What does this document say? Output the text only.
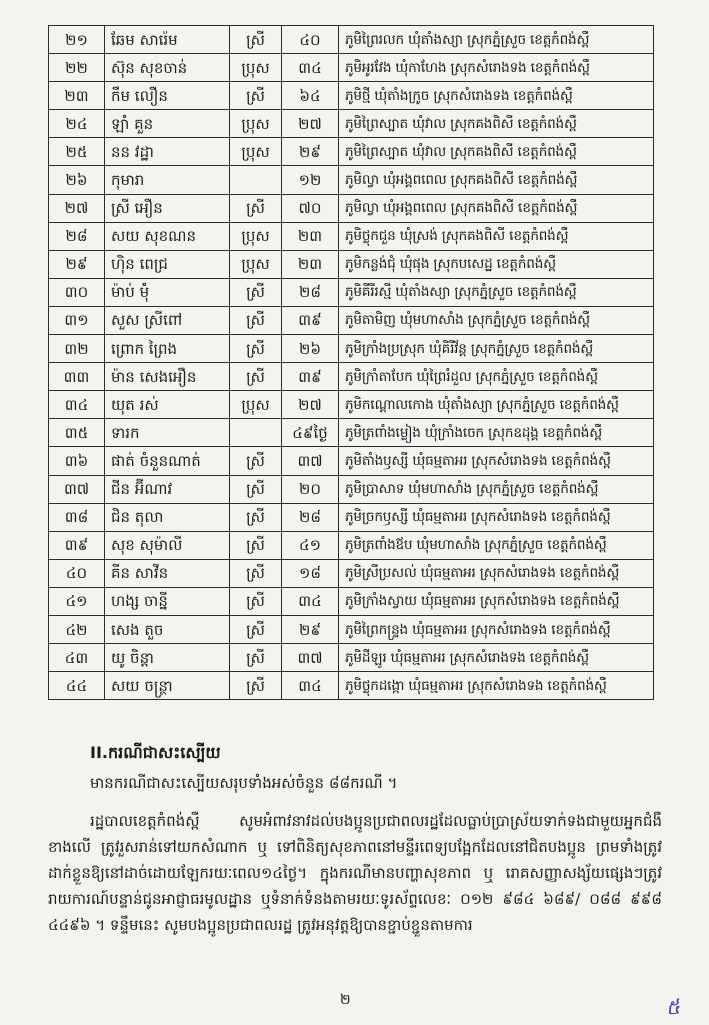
២១	ឆែម សារ៉េម	ស្រី	៤០	ភូមិព្រៃរលក ឃុំតាំងស្យា ស្រុកភ្នំស្រួច ខេត្តកំពង់ស្ពឺ
២២	ស៊ុន សុខចាន់	ប្រុស	៣៤	ភូមិអូរវែង ឃុំកាហែង ស្រុកសំរោងទង ខេត្តកំពង់ស្ពឺ
២៣	កឹម លឿន	ស្រី	៦៤	ភូមិថ្មី ឃុំតាំងក្រូច ស្រុកសំរោងទង ខេត្តកំពង់ស្ពឺ
២៤	ឡាំ គួន	ប្រុស	២៧	ភូមិព្រៃស្បាត ឃុំវាល ស្រុកគងពិសី ខេត្តកំពង់ស្ពឺ
២៥	នន វដ្ឋា	ប្រុស	២៩	ភូមិព្រៃស្បាត ឃុំវាល ស្រុកគងពិសី ខេត្តកំពង់ស្ពឺ
២៦	កុមារា		១២	ភូមិល្វា ឃុំអង្គពពេល ស្រុកគងពិសី ខេត្តកំពង់ស្ពឺ
២៧	ស្រី អឿន	ស្រី	៧០	ភូមិល្វា ឃុំអង្គពពេល ស្រុកគងពិសី ខេត្តកំពង់ស្ពឺ
២៨	សយ សុខណន	ប្រុស	២៣	ភូមិថ្លុកជួន ឃុំស្រង់ ស្រុកគងពិសី ខេត្តកំពង់ស្ពឺ
២៩	ហ៊ិន ពេជ្រ	ប្រុស	២៣	ភូមិកន្លង់ជុំ ឃុំផុង ស្រុកបសេដ្ឋ ខេត្តកំពង់ស្ពឺ
៣០	ម៉ាប់ ម៉ុំ	ស្រី	២៨	ភូមិគីរីរស្មី ឃុំតាំងស្យា ស្រុកភ្នំស្រួច ខេត្តកំពង់ស្ពឺ
៣១	សួស ស្រីពៅ	ស្រី	៣៩	ភូមិតាមិញ ឃុំមហាសាំង ស្រុកភ្នំស្រួច ខេត្តកំពង់ស្ពឺ
៣២	ព្រោក ព្រៃង	ស្រី	២៦	ភូមិក្រាំងប្រស្រុក ឃុំគិរីវ័ន្ត ស្រុកភ្នំស្រួច ខេត្តកំពង់ស្ពឺ
៣៣	ម៉ាន សេងអឿន	ស្រី	៣៩	ភូមិក្រាំតាបែក ឃុំព្រៃរំដួល ស្រុកភ្នំស្រួច ខេត្តកំពង់ស្ពឺ
៣៤	យុត រស់	ប្រុស	២៧	ភូមិកណ្ដោលកោង ឃុំតាំងស្យា ស្រុកភ្នំស្រួច ខេត្តកំពង់ស្ពឺ
៣៥	ទារក		៤៩ថ្ងៃ	ភូមិត្រពាំងម្លៀង ឃុំក្រាំងចេក ស្រុកឧដុង្គ ខេត្តកំពង់ស្ពឺ
៣៦	ផាត់ ចំនួនណាត់	ស្រី	៣៧	ភូមិតាំងឫស្សី ឃុំធម្មតាអរ ស្រុកសំរោងទង ខេត្តកំពង់ស្ពឺ
៣៧	ជីន អ៊ីណាវ	ស្រី	២០	ភូមិប្រាសាទ ឃុំមហាសាំង ស្រុកភ្នំស្រួច ខេត្តកំពង់ស្ពឺ
៣៨	ជិន តុលា	ស្រី	២៨	ភូមិច្រកឫស្សី ឃុំធម្មតាអរ ស្រុកសំរោងទង ខេត្តកំពង់ស្ពឺ
៣៩	សុខ សុម៉ាលី	ស្រី	៤១	ភូមិត្រពាំងឪប ឃុំមហាសាំង ស្រុកភ្នំស្រួច ខេត្តកំពង់ស្ពឺ
៤០	គីន សាវីន	ស្រី	១៨	ភូមិស្រីប្រសល់ ឃុំធម្មតាអរ ស្រុកសំរោងទង ខេត្តកំពង់ស្ពឺ
៤១	ហង្ស ចាន្នី	ស្រី	៣៤	ភូមិក្រាំងស្វាយ ឃុំធម្មតាអរ ស្រុកសំរោងទង ខេត្តកំពង់ស្ពឺ
៤២	សេង តួច	ស្រី	២៩	ភូមិព្រៃកន្ទ្រង ឃុំធម្មតាអរ ស្រុកសំរោងទង ខេត្តកំពង់ស្ពឺ
៤៣	យូ ចិន្តា	ស្រី	៣៧	ភូមិដីឡូរ ឃុំធម្មតាអរ ស្រុកសំរោងទង ខេត្តកំពង់ស្ពឺ
៤៤	សយ ចន្ថ្រា	ស្រី	៣៤	ភូមិថ្លុកដង្កោ ឃុំធម្មតាអរ ស្រុកសំរោងទង ខេត្តកំពង់ស្ពឺ
II.ករណីជាសះស្បើយ

មានករណីជាសះស្បើយសរុបទាំងអស់ចំនួន ៨៨ករណី ។

រដ្ឋបាលខេត្តកំពង់ស្ពឺ សូមអំពាវនាវដល់បងប្អូនប្រជាពលរដ្ឋដែលធ្លាប់ប្រាស្រ័យទាក់ទងជាមួយអ្នកជំងឺខាងលើ ត្រូវរួសរាន់ទៅយកសំណាក ឬ ទៅពិនិត្យសុខភាពនៅមន្ទីរពេទ្យបង្អែកដែលនៅជិតបងប្អូន ព្រមទាំងត្រូវដាក់ខ្លួនឱ្យនៅដាច់ដោយឡែករយៈពេល១៤ថ្ងៃ។ ក្នុងករណីមានបញ្ហាសុខភាព ឬ រោគសញ្ញាសង្ស័យផ្សេងៗត្រូវរាយការណ៍បន្ទាន់ជូនអាជ្ញាធរមូលដ្ឋាន ឬទំនាក់ទំនងតាមរយៈទូរស័ព្ទលេខៈ ០១២ ៩៨៤ ៦៨៩/ ០៨៨ ៩៩៨ ៤៤៩៦ ។ ទន្ទឹមនេះ សូមបងប្អូនប្រជាពលរដ្ឋ ត្រូវអនុវត្តឱ្យបានខ្ជាប់ខ្ជួនតាមការ

២	៥
